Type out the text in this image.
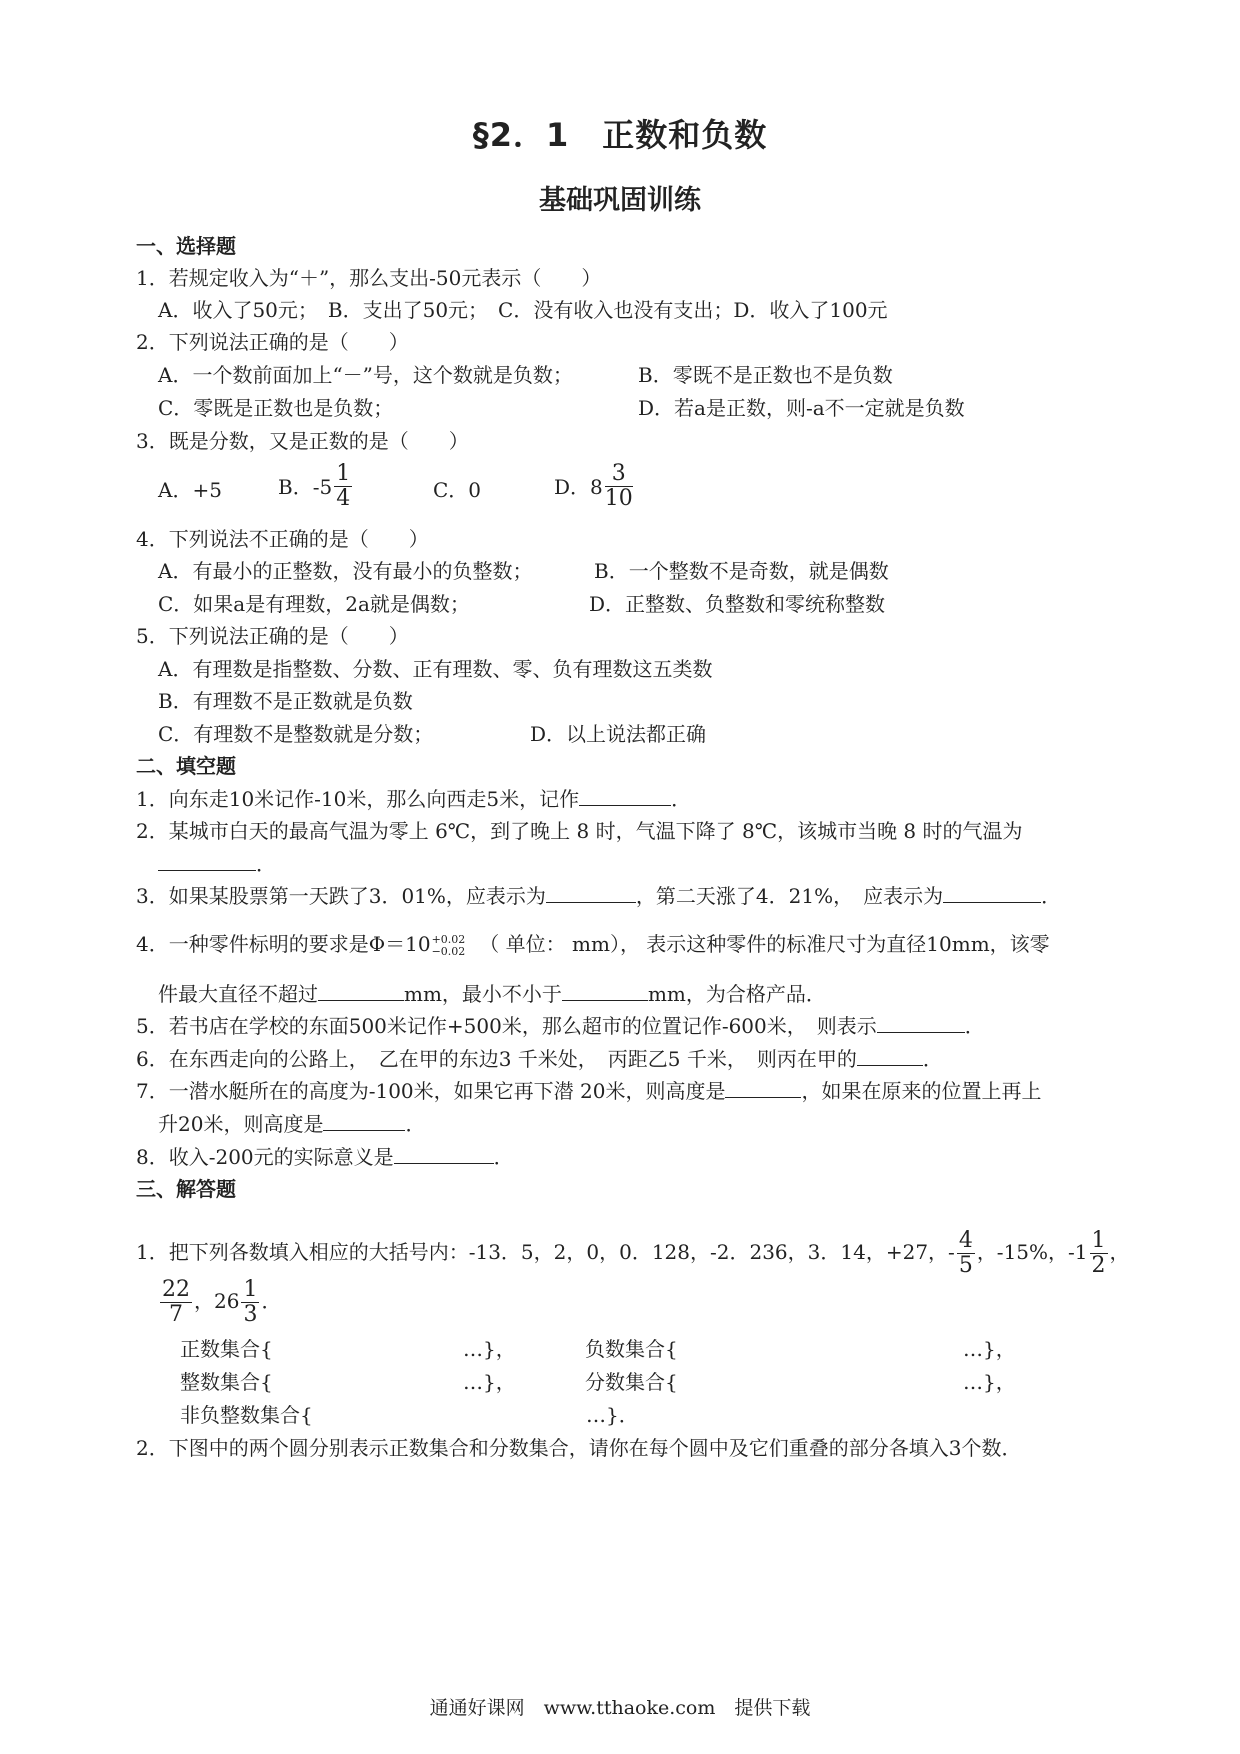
§2．1　正数和负数
基础巩固训练
一、选择题
1．若规定收入为“＋”，那么支出-50元表示（　　）
A．收入了50元；　B．支出了50元；　C．没有收入也没有支出；D．收入了100元
2．下列说法正确的是（　　）
A．一个数前面加上“－”号，这个数就是负数；	B．零既不是正数也不是负数
C．零既是正数也是负数；	D．若a是正数，则-a不一定就是负数
3．既是分数，又是正数的是（　　）
A．+5	B．$-5 \frac{1}{4}$	C．0	D．$8 \frac{3}{10}$
4．下列说法不正确的是（　　）
A．有最小的正整数，没有最小的负整数；	B．一个整数不是奇数，就是偶数
C．如果a是有理数，2a就是偶数；	D．正整数、负整数和零统称整数
5．下列说法正确的是（　　）
A．有理数是指整数、分数、正有理数、零、负有理数这五类数
B．有理数不是正数就是负数
C．有理数不是整数就是分数；	D．以上说法都正确
二、填空题
1．向东走10米记作-10米，那么向西走5米，记作	．
2．某城市白天的最高气温为零上 6℃，到了晚上 8 时，气温下降了 8℃，该城市当晚 8 时的气温为
．
3．如果某股票第一天跌了3．01%，应表示为	，第二天涨了4．21%，　应表示为	．
4．一种零件标明的要求是Φ＝10 +0.02
−0.02 （ 单位： mm）， 表示这种零件的标准尺寸为直径10mm，该零
件最大直径不超过	mm，最小不小于	mm，为合格产品．
5．若书店在学校的东面500米记作+500米，那么超市的位置记作-600米，　则表示	．
6．在东西走向的公路上，　乙在甲的东边3 千米处，　丙距乙5 千米，　则丙在甲的	．
7．一潜水艇所在的高度为-100米，如果它再下潜 20米，则高度是	，如果在原来的位置上再上
升20米，则高度是	．
8．收入-200元的实际意义是	．
三、解答题
1．把下列各数填入相应的大括号内：-13．5，2，0，0．128，-2．236，3．14，+27，- $\frac{4}{5}$ ，-15%，$-1 \frac{1}{2}$ ，
$\frac{22}{7}$ ，$26 \frac{1}{3}$ ．
正数集合{	…}，	负数集合{	…}，
整数集合{	…}，	分数集合{	…}，
非负整数集合{	…}．
2．下图中的两个圆分别表示正数集合和分数集合，请你在每个圆中及它们重叠的部分各填入3个数．
通通好课网　www.tthaoke.com　提供下载
